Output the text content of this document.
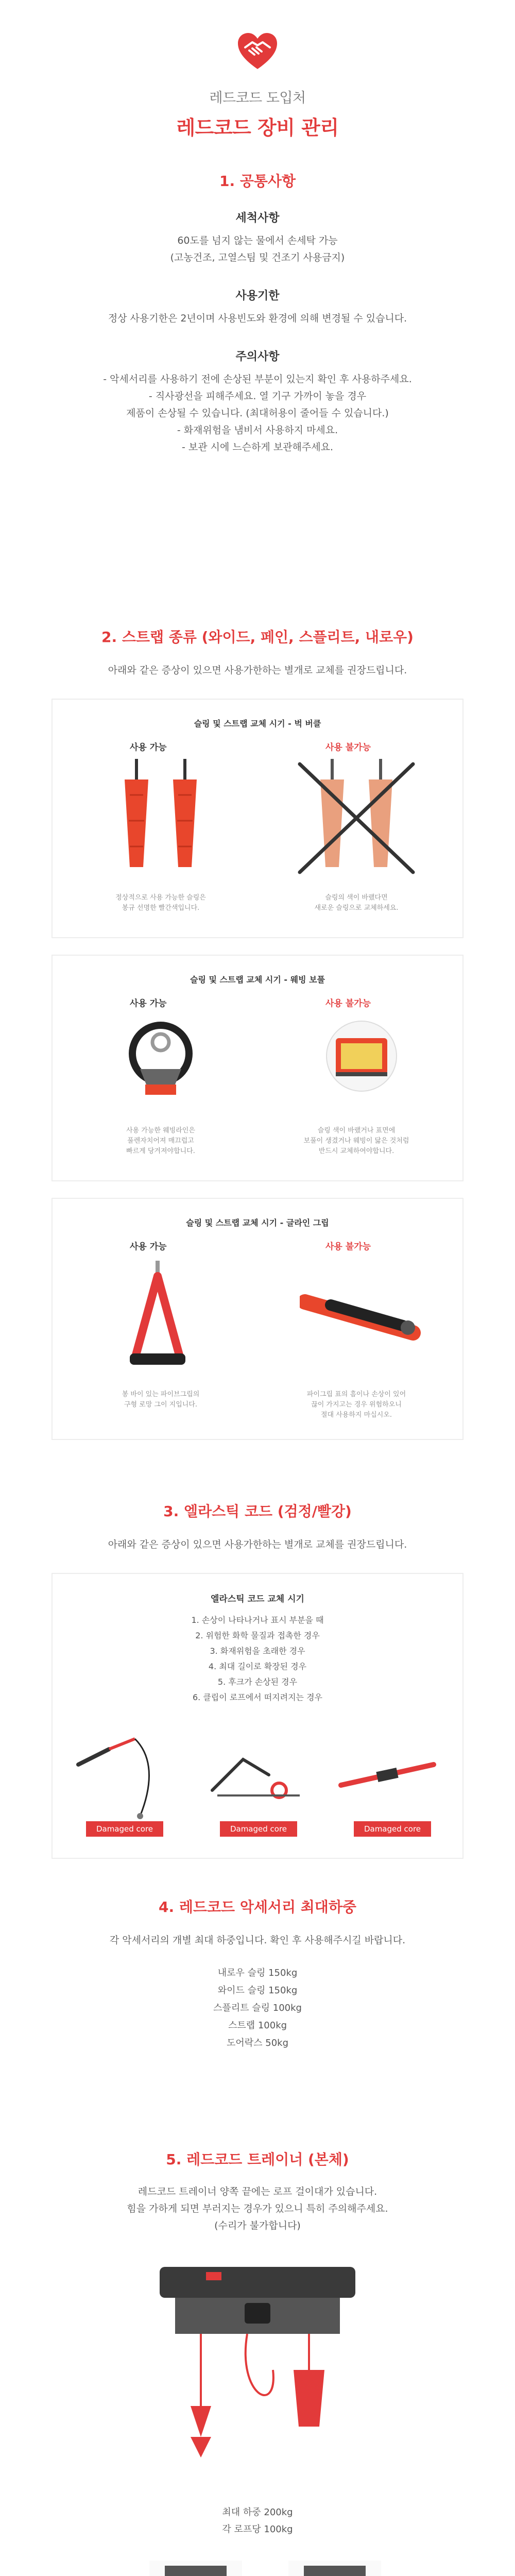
레드코드 도입처
레드코드 장비 관리
1. 공통사항
세척사항
60도를 넘지 않는 물에서 손세탁 가능
(고농건조, 고열스팀 및 건조기 사용금지)
사용기한
정상 사용기한은 2년이며 사용빈도와 환경에 의해 변경될 수 있습니다.
주의사항
- 악세서리를 사용하기 전에 손상된 부분이 있는지 확인 후 사용하주세요.
- 직사광선을 피해주세요. 열 기구 가까이 놓을 경우
제품이 손상될 수 있습니다. (최대허용이 줄어들 수 있습니다.)
- 화재위험을 냄비서 사용하지 마세요.
- 보관 시에 느슨하게 보관해주세요.
2. 스트랩 종류 (와이드, 페인, 스플리트, 내로우)
아래와 같은 증상이 있으면 사용가한하는 별개로 교체를 권장드립니다.
슬링 및 스트랩 교체 시기 - 벅 버클
사용 가능	사용 불가능
정상적으로 사용 가능한 슬링은
봉규 선명한 빨간색입니다.
슬링의 색이 바랬다면
새로운 슬링으로 교체하세요.
슬링 및 스트랩 교체 시기 - 웨빙 보풀
사용 가능	사용 불가능
사용 가능한 웨빙라인은
풀렌자치어져 매끄럽고
빠르게 당겨져야합니다.
슬링 색이 바랬거나 표면에
보풀이 생겼거나 웨빙이 닳은 것처럼
반드시 교체하여야합니다.
슬링 및 스트랩 교체 시기 - 글라인 그립
사용 가능	사용 불가능
봉 바이 있는 파이브그립의
구형 로망 그이 지입니다.
파이그립 표의 흠이나 손상이 있어
끊이 가지고는 경우 위험하오니
절대 사용하지 마십시오.
3. 엘라스틱 코드 (검정/빨강)
아래와 같은 증상이 있으면 사용가한하는 별개로 교체를 권장드립니다.
엘라스틱 코드 교체 시기
1. 손상이 나타나거나 표시 부분을 때
2. 위험한 화학 물질과 접촉한 경우
3. 화재위험을 초래한 경우
4. 최대 길이로 확장된 경우
5. 후크가 손상된 경우
6. 클립이 로프에서 떠지려지는 경우
Damaged core	Damaged core	Damaged core
4. 레드코드 악세서리 최대하중
각 악세서리의 개별 최대 하중입니다. 확인 후 사용해주시길 바랍니다.
내로우 슬링 150kg
와이드 슬링 150kg
스플리트 슬링 100kg
스트랩 100kg
도어락스 50kg
5. 레드코드 트레이너 (본체)
레드코드 트레이너 양쪽 끝에는 로프 걸이대가 있습니다.
힘을 가하게 되면 부러지는 경우가 있으니 특히 주의해주세요.
(수리가 불가합니다)
최대 하중 200kg
각 로프당 100kg
